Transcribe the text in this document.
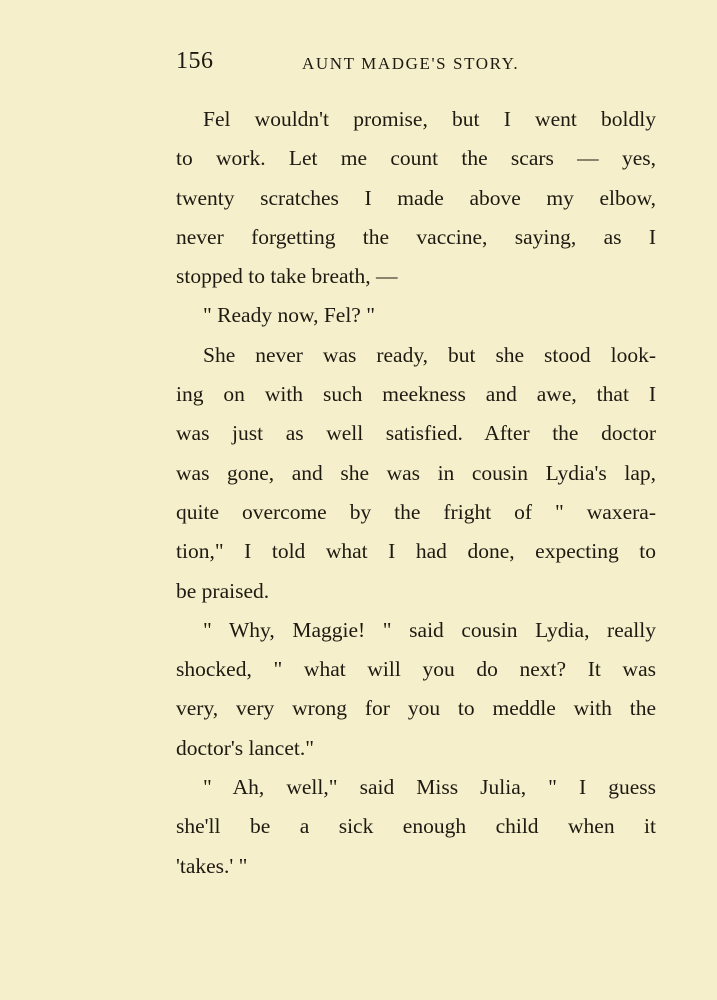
156	AUNT MADGE'S STORY.
Fel wouldn't promise, but I went boldly
to work. Let me count the scars — yes,
twenty scratches I made above my elbow,
never forgetting the vaccine, saying, as I
stopped to take breath, —
" Ready now, Fel? "
She never was ready, but she stood look-
ing on with such meekness and awe, that I
was just as well satisfied. After the doctor
was gone, and she was in cousin Lydia's lap,
quite overcome by the fright of " waxera-
tion," I told what I had done, expecting to
be praised.
" Why, Maggie! " said cousin Lydia, really
shocked, " what will you do next? It was
very, very wrong for you to meddle with the
doctor's lancet."
" Ah, well," said Miss Julia, " I guess
she'll be a sick enough child when it
'takes.' "
